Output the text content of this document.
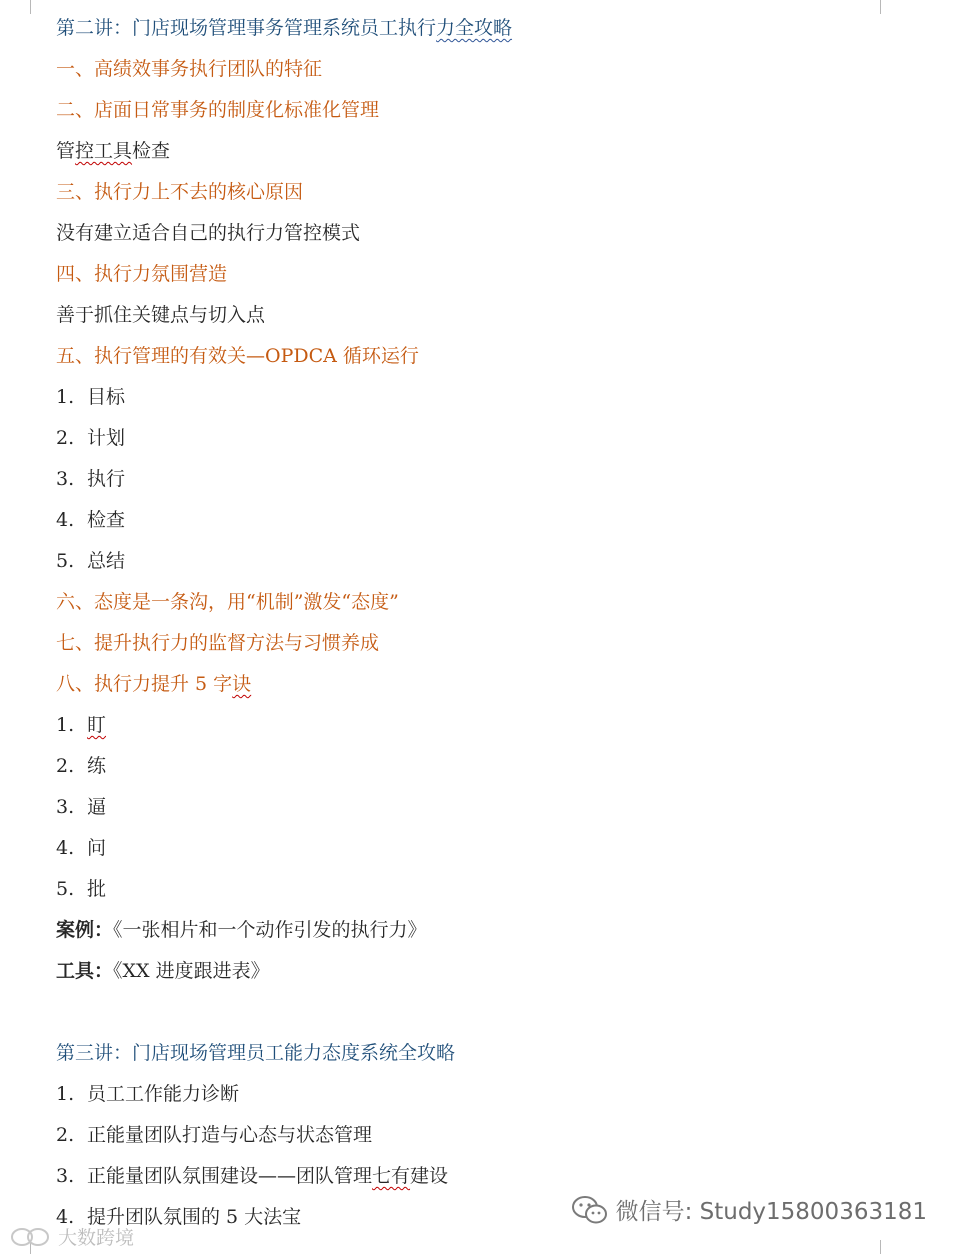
第二讲：门店现场管理事务管理系统员工执行力全攻略
一、高绩效事务执行团队的特征
二、店面日常事务的制度化标准化管理
管控工具检查
三、执行力上不去的核心原因
没有建立适合自己的执行力管控模式
四、执行力氛围营造
善于抓住关键点与切入点
五、执行管理的有效关—OPDCA 循环运行
1. 目标
2. 计划
3. 执行
4. 检查
5. 总结
六、态度是一条沟，用“机制”激发“态度”
七、提升执行力的监督方法与习惯养成
八、执行力提升 5 字诀
1. 盯
2. 练
3. 逼
4. 问
5. 批
案例：《一张相片和一个动作引发的执行力》
工具：《XX 进度跟进表》
第三讲：门店现场管理员工能力态度系统全攻略
1. 员工工作能力诊断
2. 正能量团队打造与心态与状态管理
3. 正能量团队氛围建设——团队管理七有建设
4. 提升团队氛围的 5 大法宝	微信号: Study15800363181
大数跨境
